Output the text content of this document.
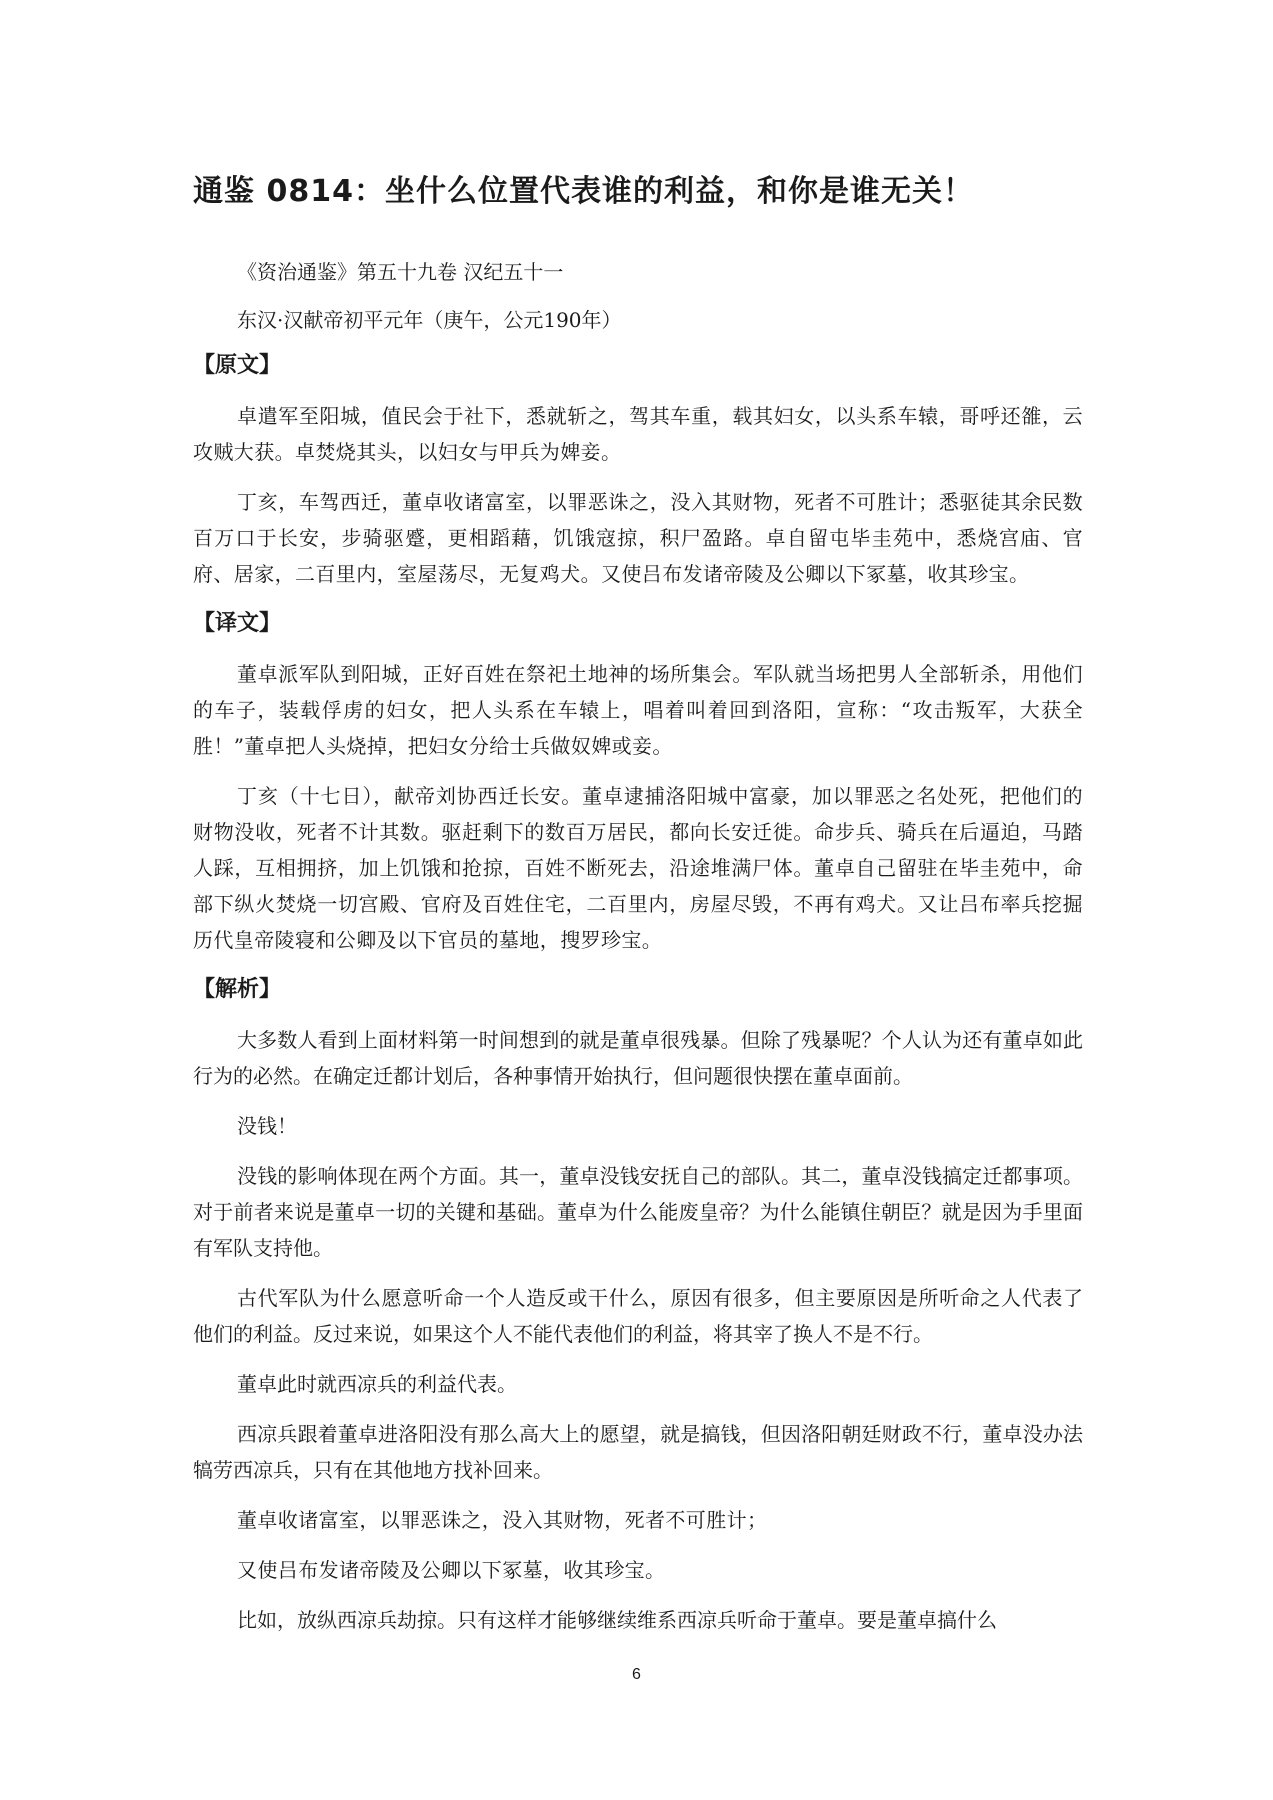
通鉴 0814：坐什么位置代表谁的利益，和你是谁无关！

《资治通鉴》第五十九卷 汉纪五十一

东汉·汉献帝初平元年（庚午，公元190年）

【原文】

卓遣军至阳城，值民会于社下，悉就斩之，驾其车重，载其妇女，以头系车辕，哥呼还雒，云攻贼大获。卓焚烧其头，以妇女与甲兵为婢妾。

丁亥，车驾西迁，董卓收诸富室，以罪恶诛之，没入其财物，死者不可胜计；悉驱徒其余民数百万口于长安，步骑驱蹙，更相蹈藉，饥饿寇掠，积尸盈路。卓自留屯毕圭苑中，悉烧宫庙、官府、居家，二百里内，室屋荡尽，无复鸡犬。又使吕布发诸帝陵及公卿以下冢墓，收其珍宝。

【译文】

董卓派军队到阳城，正好百姓在祭祀土地神的场所集会。军队就当场把男人全部斩杀，用他们的车子，装载俘虏的妇女，把人头系在车辕上，唱着叫着回到洛阳，宣称：“攻击叛军，大获全胜！”董卓把人头烧掉，把妇女分给士兵做奴婢或妾。

丁亥（十七日），献帝刘协西迁长安。董卓逮捕洛阳城中富豪，加以罪恶之名处死，把他们的财物没收，死者不计其数。驱赶剩下的数百万居民，都向长安迁徙。命步兵、骑兵在后逼迫，马踏人踩，互相拥挤，加上饥饿和抢掠，百姓不断死去，沿途堆满尸体。董卓自己留驻在毕圭苑中，命部下纵火焚烧一切宫殿、官府及百姓住宅，二百里内，房屋尽毁，不再有鸡犬。又让吕布率兵挖掘历代皇帝陵寝和公卿及以下官员的墓地，搜罗珍宝。

【解析】

大多数人看到上面材料第一时间想到的就是董卓很残暴。但除了残暴呢？个人认为还有董卓如此行为的必然。在确定迁都计划后，各种事情开始执行，但问题很快摆在董卓面前。

没钱！

没钱的影响体现在两个方面。其一，董卓没钱安抚自己的部队。其二，董卓没钱搞定迁都事项。对于前者来说是董卓一切的关键和基础。董卓为什么能废皇帝？为什么能镇住朝臣？就是因为手里面有军队支持他。

古代军队为什么愿意听命一个人造反或干什么，原因有很多，但主要原因是所听命之人代表了 他们的利益。反过来说，如果这个人不能代表他们的利益，将其宰了换人不是不行。

董卓此时就西凉兵的利益代表。

西凉兵跟着董卓进洛阳没有那么高大上的愿望，就是搞钱，但因洛阳朝廷财政不行，董卓没办法犒劳西凉兵，只有在其他地方找补回来。

董卓收诸富室，以罪恶诛之，没入其财物，死者不可胜计；

又使吕布发诸帝陵及公卿以下冢墓，收其珍宝。

比如，放纵西凉兵劫掠。只有这样才能够继续维系西凉兵听命于董卓。要是董卓搞什么

6
